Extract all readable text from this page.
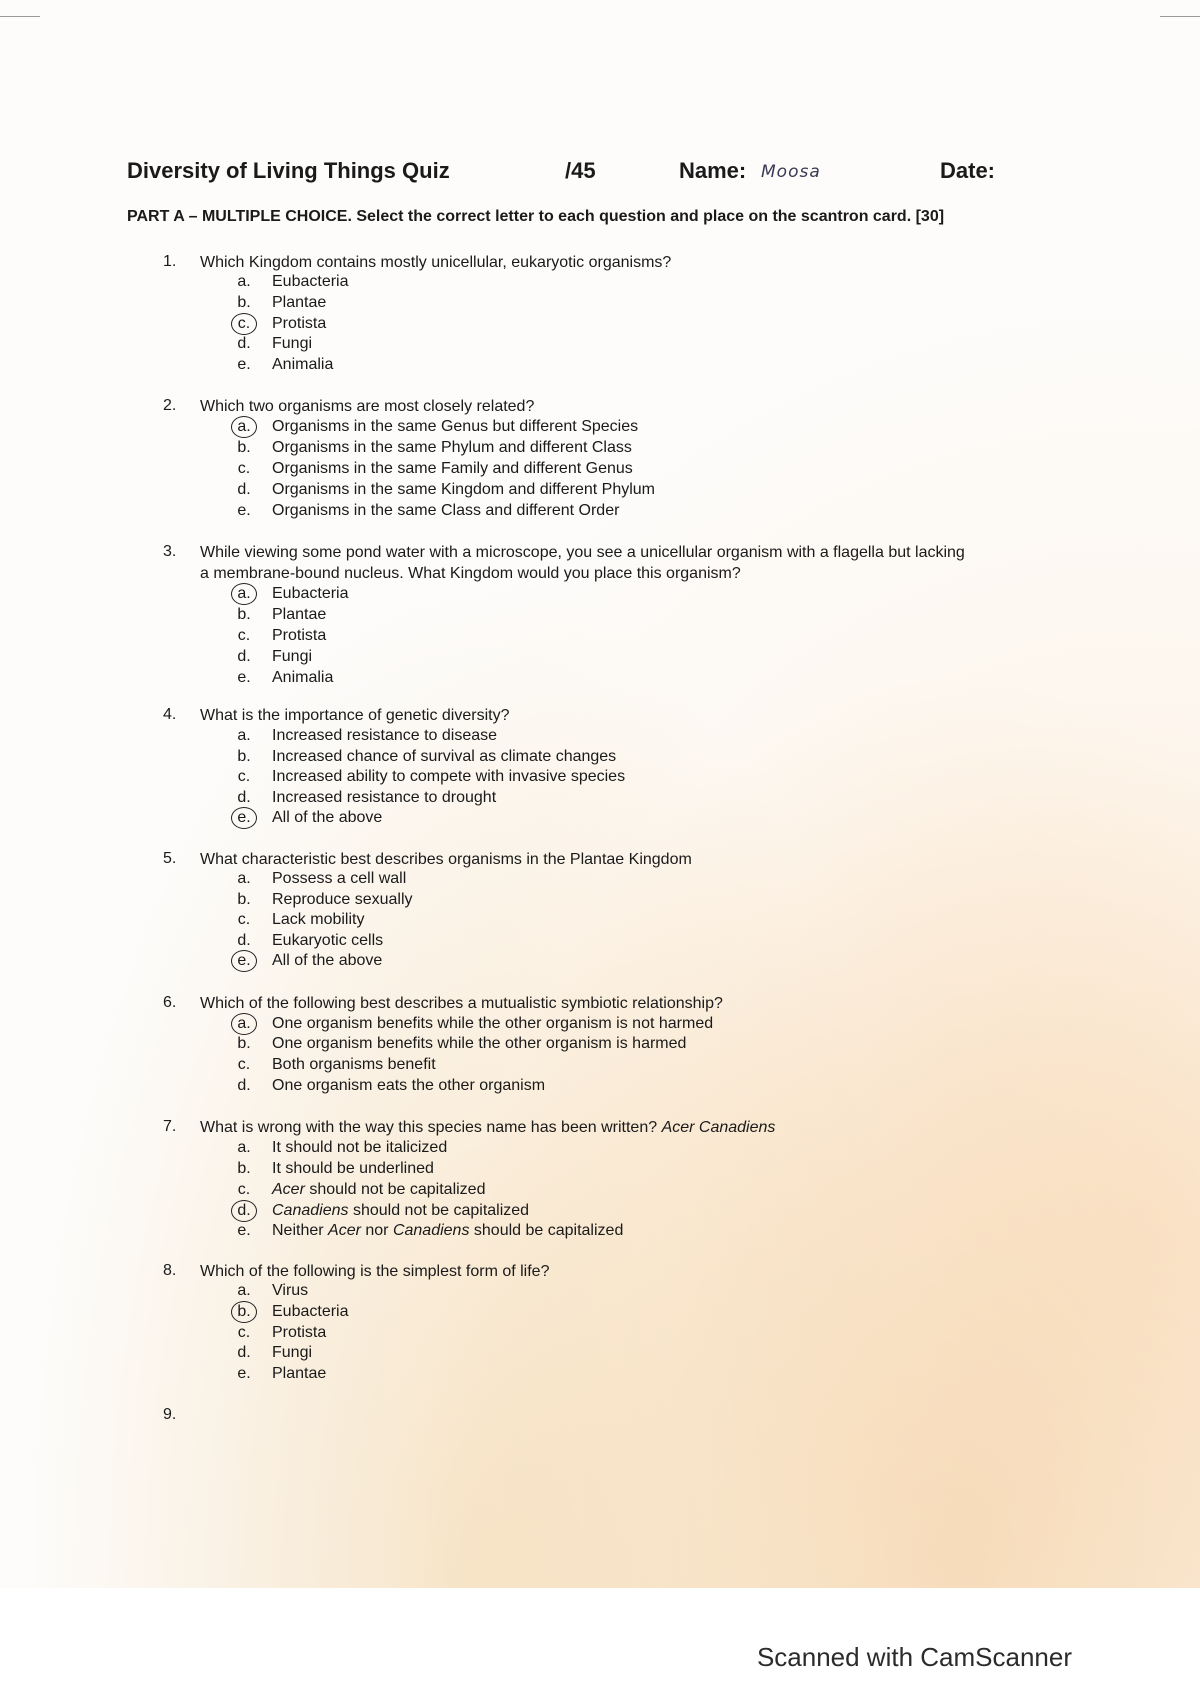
Diversity of Living Things Quiz	/45	Name: Moosa	Date:
PART A – MULTIPLE CHOICE. Select the correct letter to each question and place on the scantron card. [30]
1. Which Kingdom contains mostly unicellular, eukaryotic organisms?
a. Eubacteria
b. Plantae
c. Protista
d. Fungi
e. Animalia
2. Which two organisms are most closely related?
a. Organisms in the same Genus but different Species
b. Organisms in the same Phylum and different Class
c. Organisms in the same Family and different Genus
d. Organisms in the same Kingdom and different Phylum
e. Organisms in the same Class and different Order
3. While viewing some pond water with a microscope, you see a unicellular organism with a flagella but lacking
a membrane-bound nucleus. What Kingdom would you place this organism?
a. Eubacteria
b. Plantae
c. Protista
d. Fungi
e. Animalia
4. What is the importance of genetic diversity?
a. Increased resistance to disease
b. Increased chance of survival as climate changes
c. Increased ability to compete with invasive species
d. Increased resistance to drought
e. All of the above
5. What characteristic best describes organisms in the Plantae Kingdom
a. Possess a cell wall
b. Reproduce sexually
c. Lack mobility
d. Eukaryotic cells
e. All of the above
6. Which of the following best describes a mutualistic symbiotic relationship?
a. One organism benefits while the other organism is not harmed
b. One organism benefits while the other organism is harmed
c. Both organisms benefit
d. One organism eats the other organism
7. What is wrong with the way this species name has been written? Acer Canadiens
a. It should not be italicized
b. It should be underlined
c. Acer should not be capitalized
d. Canadiens should not be capitalized
e. Neither Acer nor Canadiens should be capitalized
8. Which of the following is the simplest form of life?
a. Virus
b. Eubacteria
c. Protista
d. Fungi
e. Plantae
9.
Scanned with CamScanner
